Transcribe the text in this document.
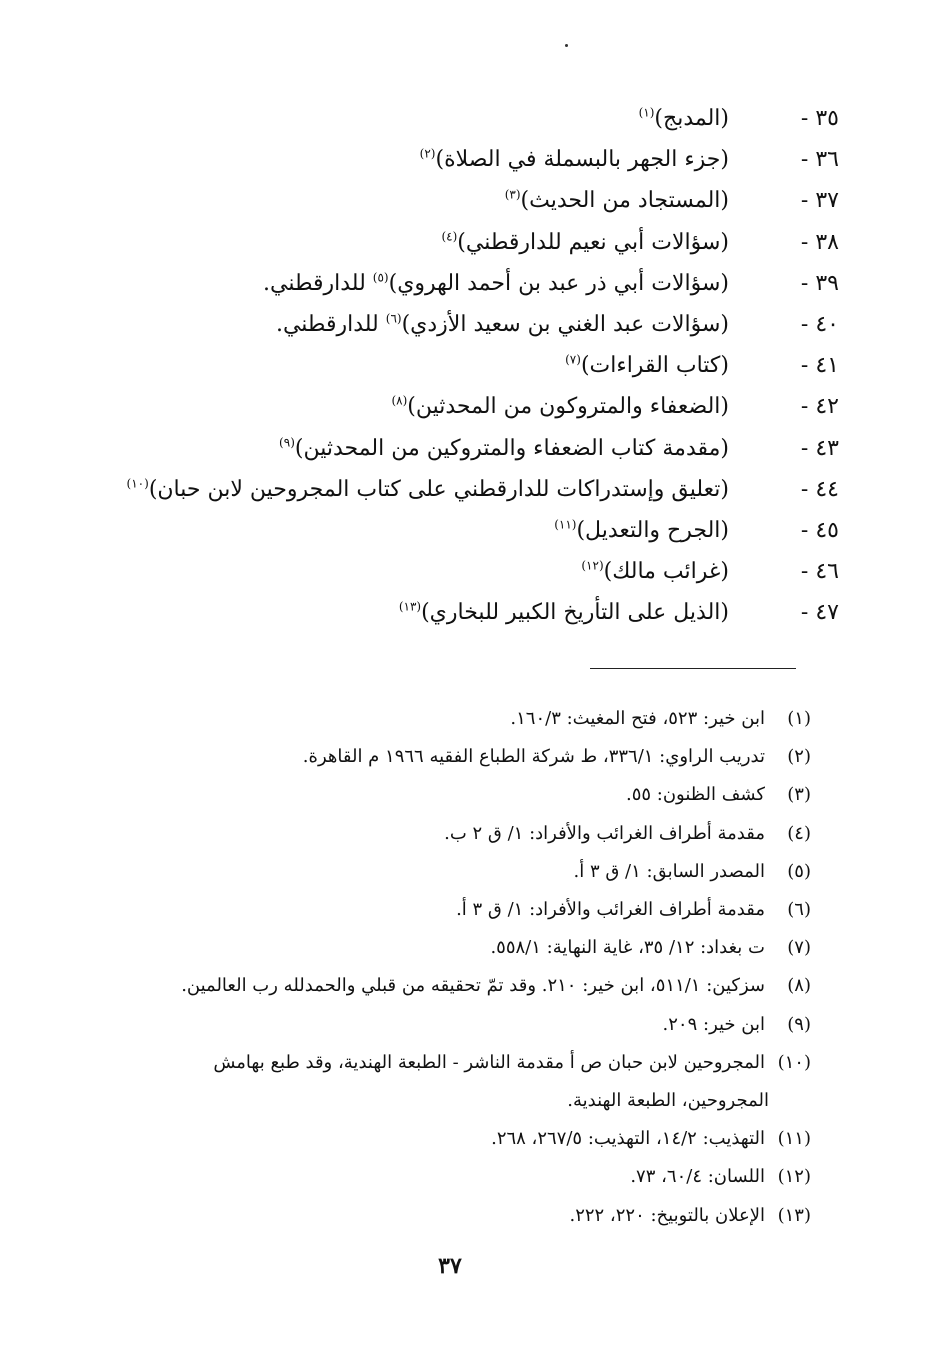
٣٥ -(المدبج)$^{(١)}$
٣٦ -(جزء الجهر بالبسملة في الصلاة)$^{(٢)}$
٣٧ -(المستجاد من الحديث)$^{(٣)}$
٣٨ -(سؤالات أبي نعيم للدارقطني)$^{(٤)}$
٣٩ -(سؤالات أبي ذر عبد بن أحمد الهروي)$^{(٥)}$ للدارقطني.
٤٠ -(سؤالات عبد الغني بن سعيد الأزدي)$^{(٦)}$ للدارقطني.
٤١ -(كتاب القراءات)$^{(٧)}$
٤٢ -(الضعفاء والمتروكون من المحدثين)$^{(٨)}$
٤٣ -(مقدمة كتاب الضعفاء والمتروكين من المحدثين)$^{(٩)}$
٤٤ -(تعليق وإستدراكات للدارقطني على كتاب المجروحين لابن حبان)$^{(١٠)}$
٤٥ -(الجرح والتعديل)$^{(١١)}$
٤٦ -(غرائب مالك)$^{(١٢)}$
٤٧ -(الذيل على التأريخ الكبير للبخاري)$^{(١٣)}$
(١)ابن خير: ٥٢٣، فتح المغيث: ١٦٠/٣.
(٢)تدريب الراوي: ٣٣٦/١، ط شركة الطباع الفقيه ١٩٦٦ م القاهرة.
(٣)كشف الظنون: ٥٥.
(٤)مقدمة أطراف الغرائب والأفراد: ١/ ق ٢ ب.
(٥)المصدر السابق: ١/ ق ٣ أ.
(٦)مقدمة أطراف الغرائب والأفراد: ١/ ق ٣ أ.
(٧)ت بغداد: ١٢/ ٣٥، غاية النهاية: ٥٥٨/١.
(٨)سزكين: ٥١١/١، ابن خير: ٢١٠. وقد تمّ تحقيقه من قبلي والحمدلله رب العالمين.
(٩)ابن خير: ٢٠٩.
(١٠)المجروحين لابن حبان ص أ مقدمة الناشر - الطبعة الهندية، وقد طبع بهامش
المجروحين، الطبعة الهندية.
(١١)التهذيب: ١٤/٢، التهذيب: ٢٦٧/٥، ٢٦٨.
(١٢)اللسان: ٦٠/٤، ٧٣.
(١٣)الإعلان بالتوبيخ: ٢٢٠، ٢٢٢.
٣٧
